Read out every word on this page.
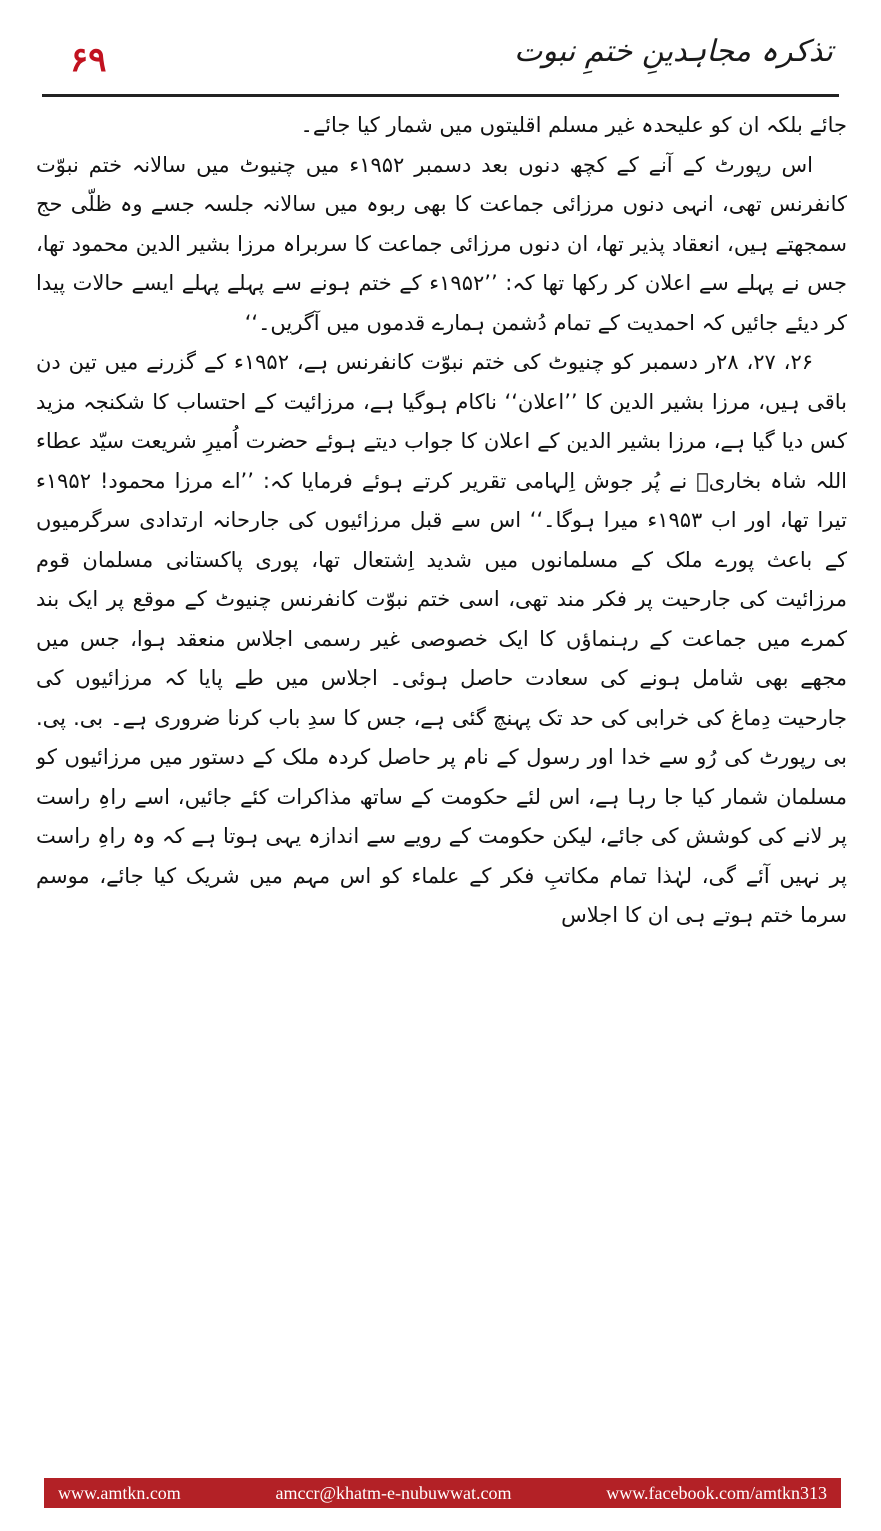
۶۹	تذکرہ مجاہدینِ ختمِ نبوت

جائے بلکہ ان کو علیحدہ غیر مسلم اقلیتوں میں شمار کیا جائے۔

اس رپورٹ کے آنے کے کچھ دنوں بعد دسمبر ۱۹۵۲ء میں چنیوٹ میں سالانہ ختم نبوّت کانفرنس تھی، انہی دنوں مرزائی جماعت کا بھی ربوہ میں سالانہ جلسہ جسے وہ ظلّی حج سمجھتے ہیں، انعقاد پذیر تھا، ان دنوں مرزائی جماعت کا سربراہ مرزا بشیر الدین محمود تھا، جس نے پہلے سے اعلان کر رکھا تھا کہ: ’’۱۹۵۲ء کے ختم ہونے سے پہلے پہلے ایسے حالات پیدا کر دیئے جائیں کہ احمدیت کے تمام دُشمن ہمارے قدموں میں آگریں۔‘‘

۲۶، ۲۷، ۲۸ر دسمبر کو چنیوٹ کی ختم نبوّت کانفرنس ہے، ۱۹۵۲ء کے گزرنے میں تین دن باقی ہیں، مرزا بشیر الدین کا ’’اعلان‘‘ ناکام ہوگیا ہے، مرزائیت کے احتساب کا شکنجہ مزید کس دیا گیا ہے، مرزا بشیر الدین کے اعلان کا جواب دیتے ہوئے حضرت اُمیرِ شریعت سیّد عطاء اللہ شاہ بخاریؒ نے پُر جوش اِلہامی تقریر کرتے ہوئے فرمایا کہ: ’’اے مرزا محمود! ۱۹۵۲ء تیرا تھا، اور اب ۱۹۵۳ء میرا ہوگا۔‘‘ اس سے قبل مرزائیوں کی جارحانہ ارتدادی سرگرمیوں کے باعث پورے ملک کے مسلمانوں میں شدید اِشتعال تھا، پوری پاکستانی مسلمان قوم مرزائیت کی جارحیت پر فکر مند تھی، اسی ختم نبوّت کانفرنس چنیوٹ کے موقع پر ایک بند کمرے میں جماعت کے رہنماؤں کا ایک خصوصی غیر رسمی اجلاس منعقد ہوا، جس میں مجھے بھی شامل ہونے کی سعادت حاصل ہوئی۔ اجلاس میں طے پایا کہ مرزائیوں کی جارحیت دِماغ کی خرابی کی حد تک پہنچ گئی ہے، جس کا سدِ باب کرنا ضروری ہے۔ بی. پی. بی رپورٹ کی رُو سے خدا اور رسول کے نام پر حاصل کردہ ملک کے دستور میں مرزائیوں کو مسلمان شمار کیا جا رہا ہے، اس لئے حکومت کے ساتھ مذاکرات کئے جائیں، اسے راہِ راست پر لانے کی کوشش کی جائے، لیکن حکومت کے رویے سے اندازہ یہی ہوتا ہے کہ وہ راہِ راست پر نہیں آئے گی، لہٰذا تمام مکاتبِ فکر کے علماء کو اس مہم میں شریک کیا جائے، موسم سرما ختم ہوتے ہی ان کا اجلاس

www.amtkn.com	amccr@khatm-e-nubuwwat.com	www.facebook.com/amtkn313
